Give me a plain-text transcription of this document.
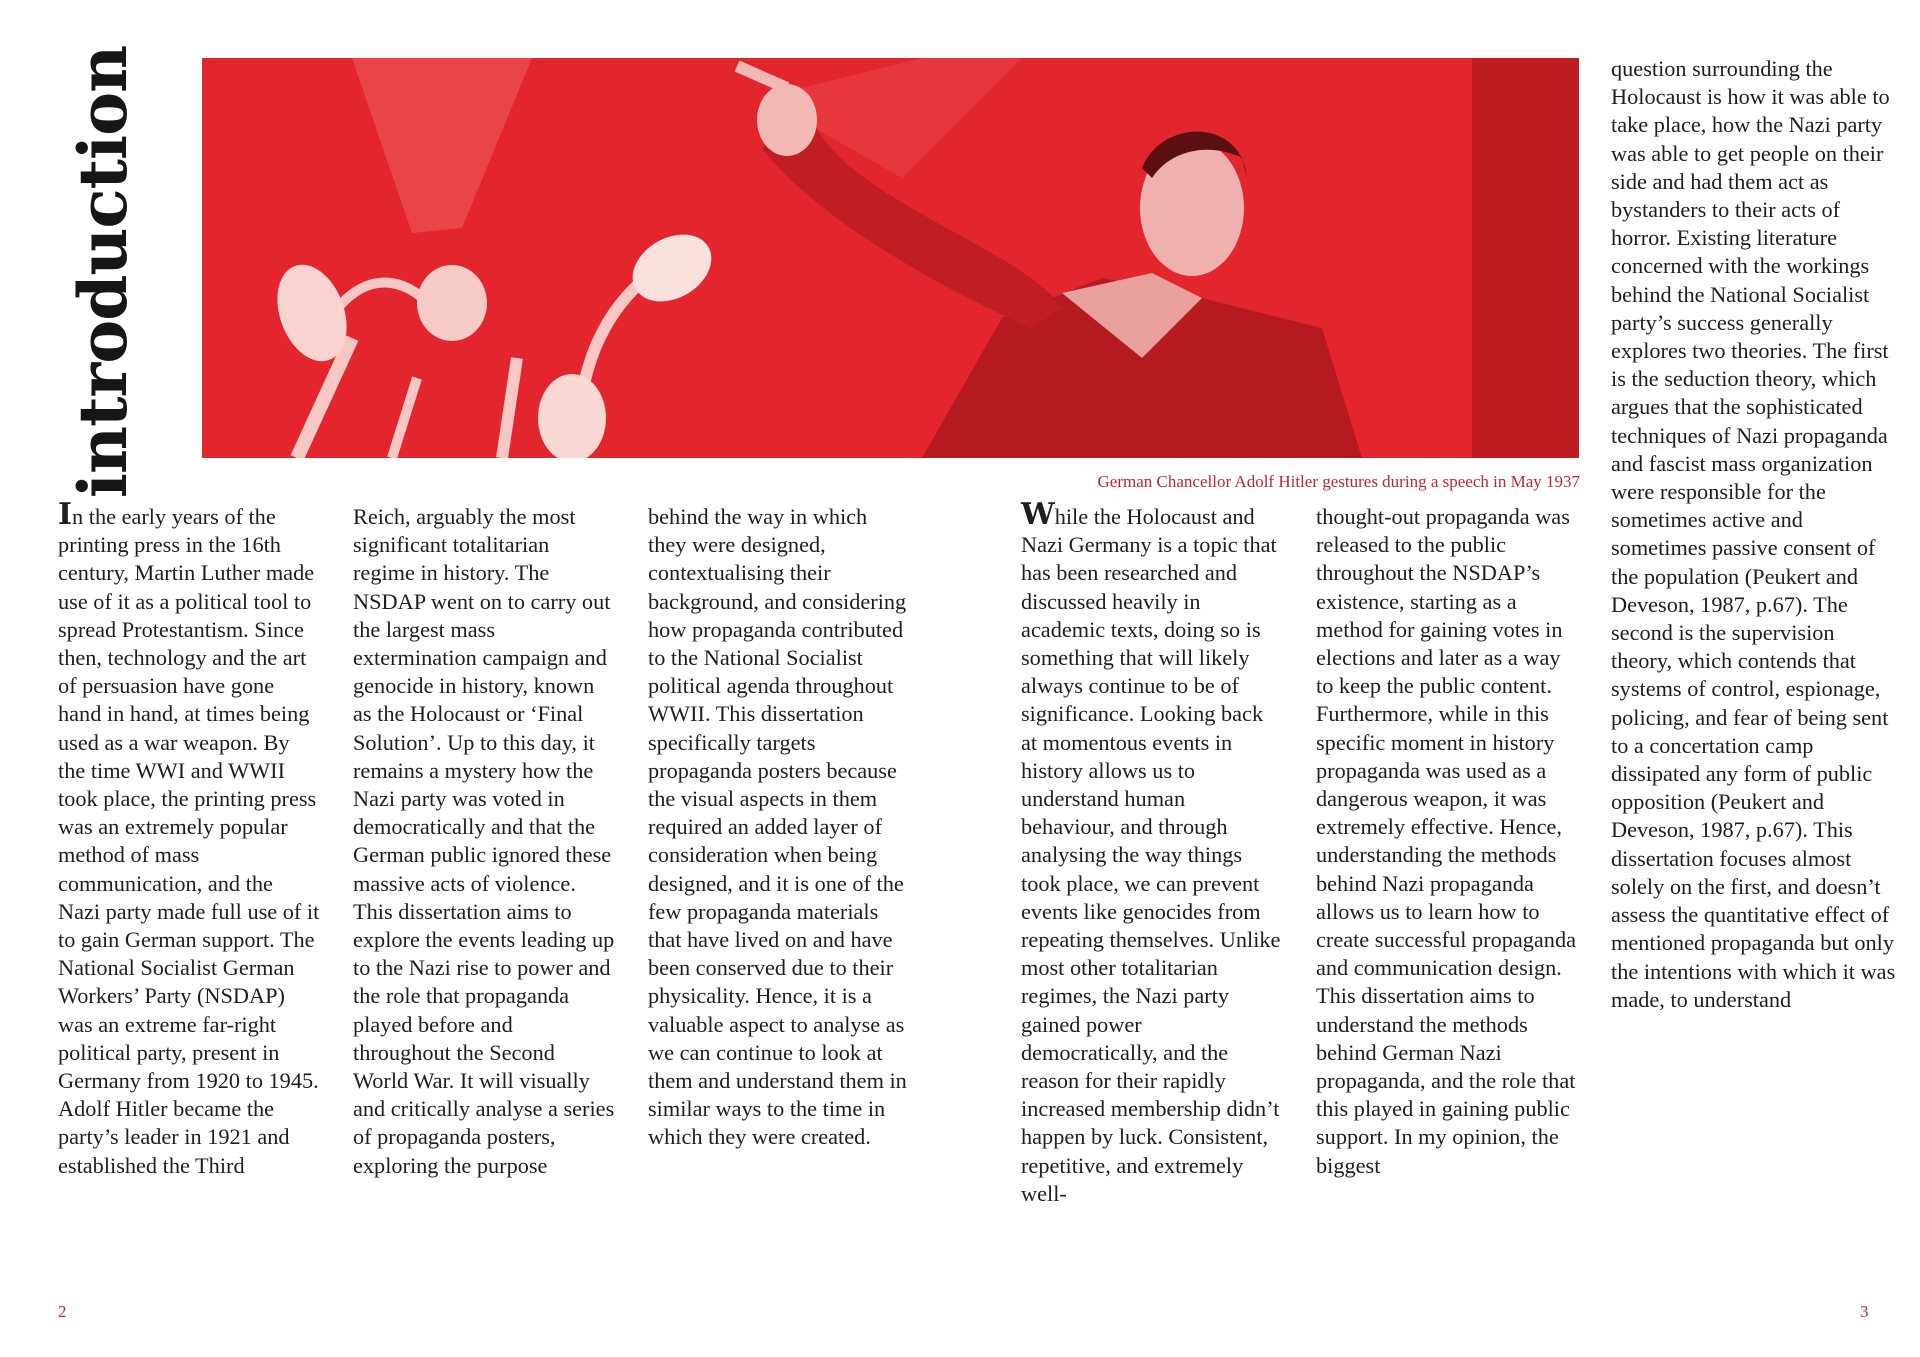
introduction	German Chancellor Adolf Hitler gestures during a speech in May 1937
In the early years of the printing press in the 16th century, Martin Luther made use of it as a political tool to spread Protestantism. Since then, technology and the art of persuasion have gone hand in hand, at times being used as a war weapon. By the time WWI and WWII took place, the printing press was an extremely popular method of mass communication, and the Nazi party made full use of it to gain German support. The National Socialist German Workers’ Party (NSDAP) was an extreme far-right political party, present in Germany from 1920 to 1945. Adolf Hitler became the party’s leader in 1921 and established the Third
Reich, arguably the most significant totalitarian regime in history. The NSDAP went on to carry out the largest mass extermination campaign and genocide in history, known as the Holocaust or ‘Final Solution’. Up to this day, it remains a mystery how the Nazi party was voted in democratically and that the German public ignored these massive acts of violence. This dissertation aims to explore the events leading up to the Nazi rise to power and the role that propaganda played before and throughout the Second World War. It will visually and critically analyse a series of propaganda posters, exploring the purpose
behind the way in which they were designed, contextualising their background, and considering how propaganda contributed to the National Socialist political agenda throughout WWII. This dissertation specifically targets propaganda posters because the visual aspects in them required an added layer of consideration when being designed, and it is one of the few propaganda materials that have lived on and have been conserved due to their physicality. Hence, it is a valuable aspect to analyse as we can continue to look at them and understand them in similar ways to the time in which they were created.
While the Holocaust and Nazi Germany is a topic that has been researched and discussed heavily in academic texts, doing so is something that will likely always continue to be of significance. Looking back at momentous events in history allows us to understand human behaviour, and through analysing the way things took place, we can prevent events like genocides from repeating themselves. Unlike most other totalitarian regimes, the Nazi party gained power democratically, and the reason for their rapidly increased membership didn’t happen by luck. Consistent, repetitive, and extremely well-
thought-out propaganda was released to the public throughout the NSDAP’s existence, starting as a method for gaining votes in elections and later as a way to keep the public content. Furthermore, while in this specific moment in history propaganda was used as a dangerous weapon, it was extremely effective. Hence, understanding the methods behind Nazi propaganda allows us to learn how to create successful propaganda and communication design. This dissertation aims to understand the methods behind German Nazi propaganda, and the role that this played in gaining public support. In my opinion, the biggest
question surrounding the Holocaust is how it was able to take place, how the Nazi party was able to get people on their side and had them act as bystanders to their acts of horror. Existing literature concerned with the workings behind the National Socialist party’s success generally explores two theories. The first is the seduction theory, which argues that the sophisticated techniques of Nazi propaganda and fascist mass organization were responsible for the sometimes active and sometimes passive consent of the population (Peukert and Deveson, 1987, p.67). The second is the supervision theory, which contends that systems of control, espionage, policing, and fear of being sent to a concertation camp dissipated any form of public opposition (Peukert and Deveson, 1987, p.67). This dissertation focuses almost solely on the first, and doesn’t assess the quantitative effect of mentioned propaganda but only the intentions with which it was made, to understand
2	3
